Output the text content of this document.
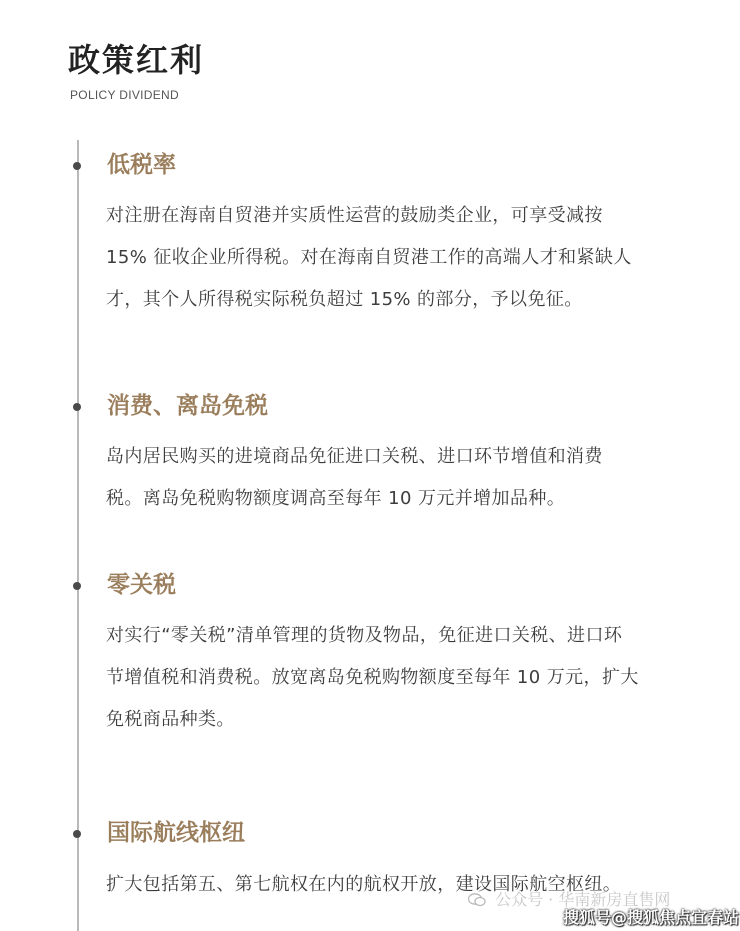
政策红利
POLICY DIVIDEND
低税率
对注册在海南自贸港并实质性运营的鼓励类企业，可享受减按
15% 征收企业所得税。对在海南自贸港工作的高端人才和紧缺人
才，其个人所得税实际税负超过 15% 的部分，予以免征。
消费、离岛免税
岛内居民购买的进境商品免征进口关税、进口环节增值和消费
税。离岛免税购物额度调高至每年 10 万元并增加品种。
零关税
对实行“零关税”清单管理的货物及物品，免征进口关税、进口环
节增值税和消费税。放宽离岛免税购物额度至每年 10 万元，扩大
免税商品种类。
国际航线枢纽
扩大包括第五、第七航权在内的航权开放，建设国际航空枢纽。
公众号 · 华南新房直售网
搜狐号@搜狐焦点宜春站
